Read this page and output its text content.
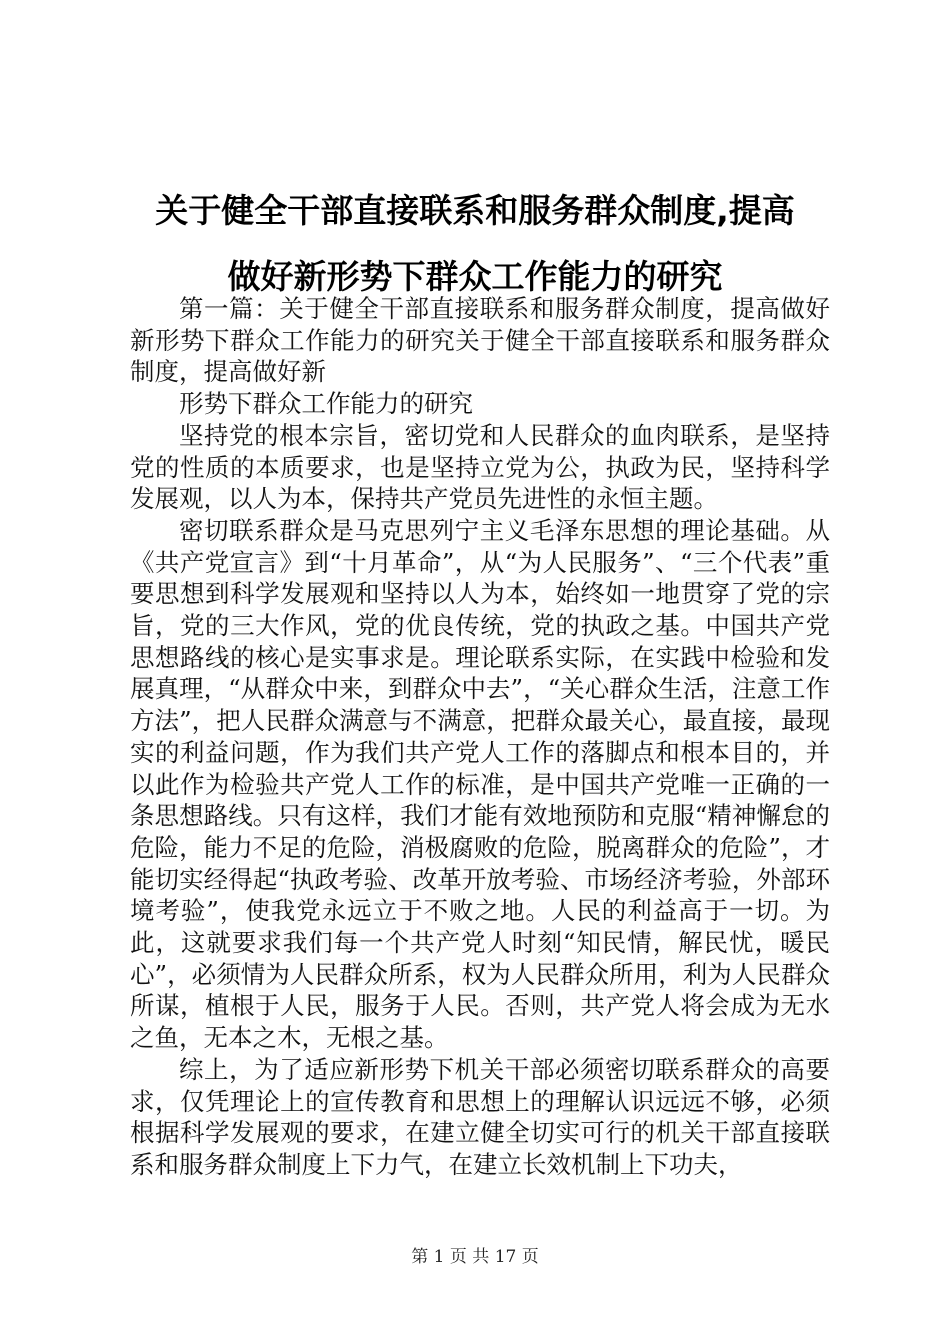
关于健全干部直接联系和服务群众制度,提高
做好新形势下群众工作能力的研究

第一篇：关于健全干部直接联系和服务群众制度，提高做好新形势下群众工作能力的研究关于健全干部直接联系和服务群众制度，提高做好新

形势下群众工作能力的研究

坚持党的根本宗旨，密切党和人民群众的血肉联系，是坚持党的性质的本质要求，也是坚持立党为公，执政为民，坚持科学发展观，以人为本，保持共产党员先进性的永恒主题。

密切联系群众是马克思列宁主义毛泽东思想的理论基础。从《共产党宣言》到“十月革命”，从“为人民服务”、“三个代表”重要思想到科学发展观和坚持以人为本，始终如一地贯穿了党的宗旨，党的三大作风，党的优良传统，党的执政之基。中国共产党思想路线的核心是实事求是。理论联系实际，在实践中检验和发展真理，“从群众中来，到群众中去”，“关心群众生活，注意工作方法”，把人民群众满意与不满意，把群众最关心，最直接，最现实的利益问题，作为我们共产党人工作的落脚点和根本目的，并以此作为检验共产党人工作的标准，是中国共产党唯一正确的一条思想路线。只有这样，我们才能有效地预防和克服“精神懈怠的危险，能力不足的危险，消极腐败的危险，脱离群众的危险”，才能切实经得起“执政考验、改革开放考验、市场经济考验，外部环境考验”，使我党永远立于不败之地。人民的利益高于一切。为此，这就要求我们每一个共产党人时刻“知民情，解民忧，暖民心”，必须情为人民群众所系，权为人民群众所用，利为人民群众所谋，植根于人民，服务于人民。否则，共产党人将会成为无水之鱼，无本之木，无根之基。

综上，为了适应新形势下机关干部必须密切联系群众的高要求，仅凭理论上的宣传教育和思想上的理解认识远远不够，必须根据科学发展观的要求，在建立健全切实可行的机关干部直接联系和服务群众制度上下力气，在建立长效机制上下功夫，

第 1 页 共 17 页
